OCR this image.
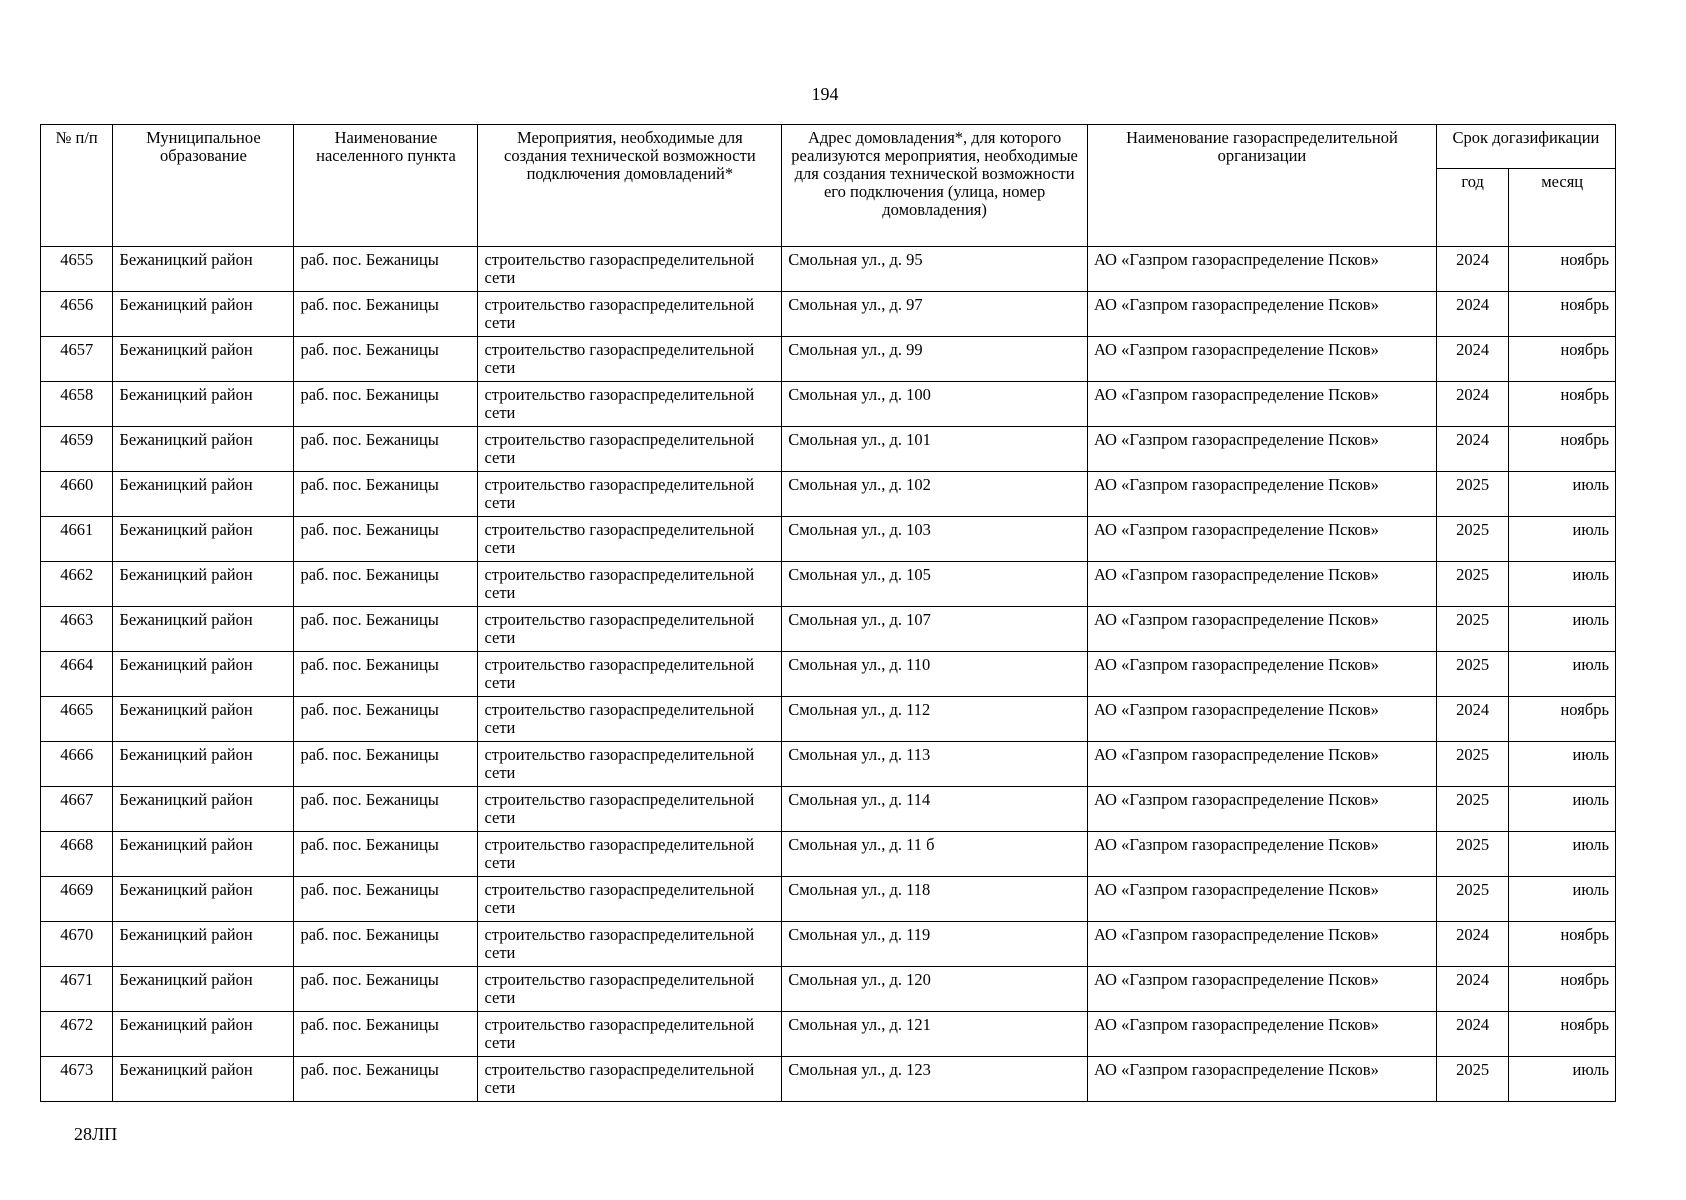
194
№ п/п	Муниципальное образование	Наименование населенного пункта	Мероприятия, необходимые для создания технической возможности подключения домовладений*	Адрес домовладения*, для которого реализуются мероприятия, необходимые для создания технической возможности его подключения (улица, номер домовладения)	Наименование газораспределительной организации	Срок догазификации	
						год	месяц
4655	Бежаницкий район	раб. пос. Бежаницы	строительство газораспределительной сети	Смольная ул., д. 95	АО «Газпром газораспределение Псков»	2024	ноябрь
4656	Бежаницкий район	раб. пос. Бежаницы	строительство газораспределительной сети	Смольная ул., д. 97	АО «Газпром газораспределение Псков»	2024	ноябрь
4657	Бежаницкий район	раб. пос. Бежаницы	строительство газораспределительной сети	Смольная ул., д. 99	АО «Газпром газораспределение Псков»	2024	ноябрь
4658	Бежаницкий район	раб. пос. Бежаницы	строительство газораспределительной сети	Смольная ул., д. 100	АО «Газпром газораспределение Псков»	2024	ноябрь
4659	Бежаницкий район	раб. пос. Бежаницы	строительство газораспределительной сети	Смольная ул., д. 101	АО «Газпром газораспределение Псков»	2024	ноябрь
4660	Бежаницкий район	раб. пос. Бежаницы	строительство газораспределительной сети	Смольная ул., д. 102	АО «Газпром газораспределение Псков»	2025	июль
4661	Бежаницкий район	раб. пос. Бежаницы	строительство газораспределительной сети	Смольная ул., д. 103	АО «Газпром газораспределение Псков»	2025	июль
4662	Бежаницкий район	раб. пос. Бежаницы	строительство газораспределительной сети	Смольная ул., д. 105	АО «Газпром газораспределение Псков»	2025	июль
4663	Бежаницкий район	раб. пос. Бежаницы	строительство газораспределительной сети	Смольная ул., д. 107	АО «Газпром газораспределение Псков»	2025	июль
4664	Бежаницкий район	раб. пос. Бежаницы	строительство газораспределительной сети	Смольная ул., д. 110	АО «Газпром газораспределение Псков»	2025	июль
4665	Бежаницкий район	раб. пос. Бежаницы	строительство газораспределительной сети	Смольная ул., д. 112	АО «Газпром газораспределение Псков»	2024	ноябрь
4666	Бежаницкий район	раб. пос. Бежаницы	строительство газораспределительной сети	Смольная ул., д. 113	АО «Газпром газораспределение Псков»	2025	июль
4667	Бежаницкий район	раб. пос. Бежаницы	строительство газораспределительной сети	Смольная ул., д. 114	АО «Газпром газораспределение Псков»	2025	июль
4668	Бежаницкий район	раб. пос. Бежаницы	строительство газораспределительной сети	Смольная ул., д. 11 б	АО «Газпром газораспределение Псков»	2025	июль
4669	Бежаницкий район	раб. пос. Бежаницы	строительство газораспределительной сети	Смольная ул., д. 118	АО «Газпром газораспределение Псков»	2025	июль
4670	Бежаницкий район	раб. пос. Бежаницы	строительство газораспределительной сети	Смольная ул., д. 119	АО «Газпром газораспределение Псков»	2024	ноябрь
4671	Бежаницкий район	раб. пос. Бежаницы	строительство газораспределительной сети	Смольная ул., д. 120	АО «Газпром газораспределение Псков»	2024	ноябрь
4672	Бежаницкий район	раб. пос. Бежаницы	строительство газораспределительной сети	Смольная ул., д. 121	АО «Газпром газораспределение Псков»	2024	ноябрь
4673	Бежаницкий район	раб. пос. Бежаницы	строительство газораспределительной сети	Смольная ул., д. 123	АО «Газпром газораспределение Псков»	2025	июль
28ЛП
